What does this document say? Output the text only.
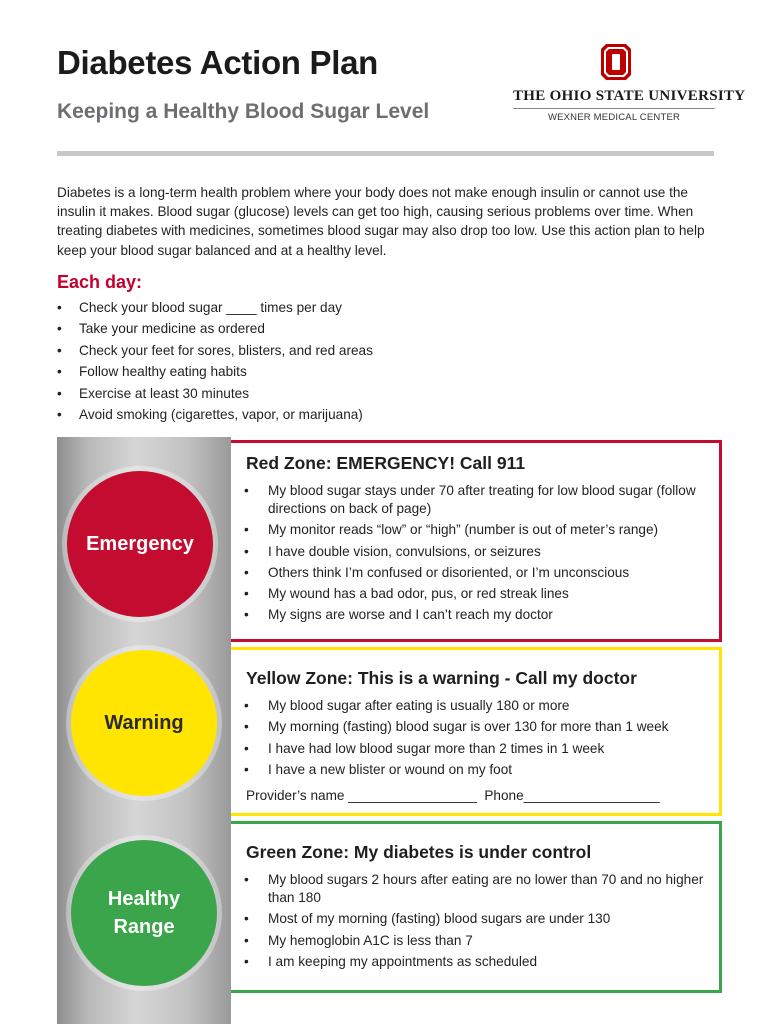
Diabetes Action Plan
Keeping a Healthy Blood Sugar Level
THE OHIO STATE UNIVERSITY
WEXNER MEDICAL CENTER

Diabetes is a long-term health problem where your body does not make enough insulin or cannot use the insulin it makes. Blood sugar (glucose) levels can get too high, causing serious problems over time. When treating diabetes with medicines, sometimes blood sugar may also drop too low. Use this action plan to help keep your blood sugar balanced and at a healthy level.

Each day:
• Check your blood sugar ____ times per day
• Take your medicine as ordered
• Check your feet for sores, blisters, and red areas
• Follow healthy eating habits
• Exercise at least 30 minutes
• Avoid smoking (cigarettes, vapor, or marijuana)
Emergency
Warning
Healthy
Range
Red Zone: EMERGENCY! Call 911
• My blood sugar stays under 70 after treating for low blood sugar (follow directions on back of page)
• My monitor reads “low” or “high” (number is out of meter’s range)
• I have double vision, convulsions, or seizures
• Others think I’m confused or disoriented, or I’m unconscious
• My wound has a bad odor, pus, or red streak lines
• My signs are worse and I can’t reach my doctor
Yellow Zone: This is a warning - Call my doctor
• My blood sugar after eating is usually 180 or more
• My morning (fasting) blood sugar is over 130 for more than 1 week
• I have had low blood sugar more than 2 times in 1 week
• I have a new blister or wound on my foot
Provider’s name _________________  Phone__________________
Green Zone: My diabetes is under control
• My blood sugars 2 hours after eating are no lower than 70 and no higher than 180
• Most of my morning (fasting) blood sugars are under 130
• My hemoglobin A1C is less than 7
• I am keeping my appointments as scheduled
